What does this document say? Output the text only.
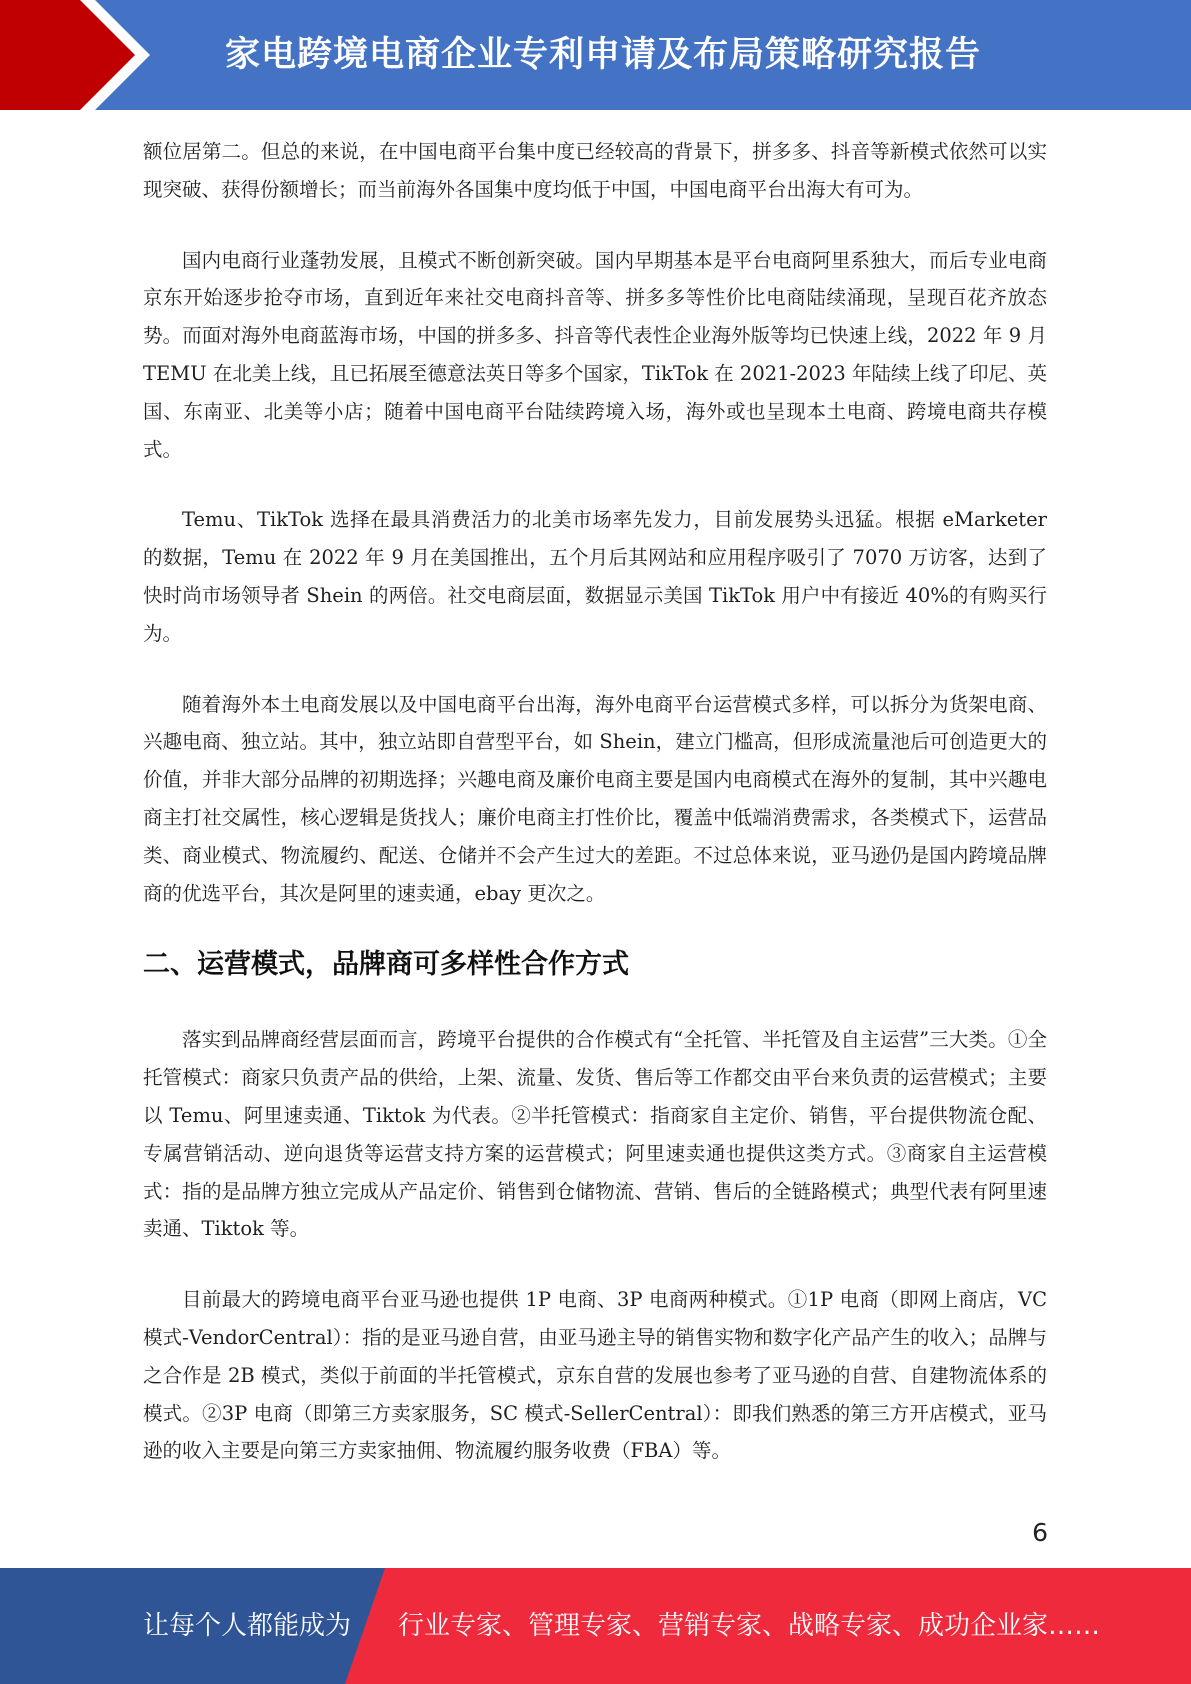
家电跨境电商企业专利申请及布局策略研究报告

额位居第二。但总的来说，在中国电商平台集中度已经较高的背景下，拼多多、抖音等新模式依然可以实现突破、获得份额增长；而当前海外各国集中度均低于中国，中国电商平台出海大有可为。

国内电商行业蓬勃发展，且模式不断创新突破。国内早期基本是平台电商阿里系独大，而后专业电商京东开始逐步抢夺市场，直到近年来社交电商抖音等、拼多多等性价比电商陆续涌现，呈现百花齐放态势。而面对海外电商蓝海市场，中国的拼多多、抖音等代表性企业海外版等均已快速上线，2022 年 9 月 TEMU 在北美上线，且已拓展至德意法英日等多个国家，TikTok 在 2021-2023 年陆续上线了印尼、英国、东南亚、北美等小店；随着中国电商平台陆续跨境入场，海外或也呈现本土电商、跨境电商共存模式。

Temu、TikTok 选择在最具消费活力的北美市场率先发力，目前发展势头迅猛。根据 eMarketer 的数据，Temu 在 2022 年 9 月在美国推出，五个月后其网站和应用程序吸引了 7070 万访客，达到了快时尚市场领导者 Shein 的两倍。社交电商层面，数据显示美国 TikTok 用户中有接近 40%的有购买行为。

随着海外本土电商发展以及中国电商平台出海，海外电商平台运营模式多样，可以拆分为货架电商、兴趣电商、独立站。其中，独立站即自营型平台，如 Shein，建立门槛高，但形成流量池后可创造更大的价值，并非大部分品牌的初期选择；兴趣电商及廉价电商主要是国内电商模式在海外的复制，其中兴趣电商主打社交属性，核心逻辑是货找人；廉价电商主打性价比，覆盖中低端消费需求，各类模式下，运营品类、商业模式、物流履约、配送、仓储并不会产生过大的差距。不过总体来说，亚马逊仍是国内跨境品牌商的优选平台，其次是阿里的速卖通，ebay 更次之。

二、运营模式，品牌商可多样性合作方式

落实到品牌商经营层面而言，跨境平台提供的合作模式有“全托管、半托管及自主运营”三大类。①全托管模式：商家只负责产品的供给，上架、流量、发货、售后等工作都交由平台来负责的运营模式；主要以 Temu、阿里速卖通、Tiktok 为代表。②半托管模式：指商家自主定价、销售，平台提供物流仓配、专属营销活动、逆向退货等运营支持方案的运营模式；阿里速卖通也提供这类方式。③商家自主运营模式：指的是品牌方独立完成从产品定价、销售到仓储物流、营销、售后的全链路模式；典型代表有阿里速卖通、Tiktok 等。

目前最大的跨境电商平台亚马逊也提供 1P 电商、3P 电商两种模式。①1P 电商（即网上商店，VC 模式-VendorCentral）：指的是亚马逊自营，由亚马逊主导的销售实物和数字化产品产生的收入；品牌与之合作是 2B 模式，类似于前面的半托管模式，京东自营的发展也参考了亚马逊的自营、自建物流体系的模式。②3P 电商（即第三方卖家服务，SC 模式-SellerCentral）：即我们熟悉的第三方开店模式，亚马逊的收入主要是向第三方卖家抽佣、物流履约服务收费（FBA）等。

6
让每个人都能成为 行业专家、管理专家、营销专家、战略专家、成功企业家……
